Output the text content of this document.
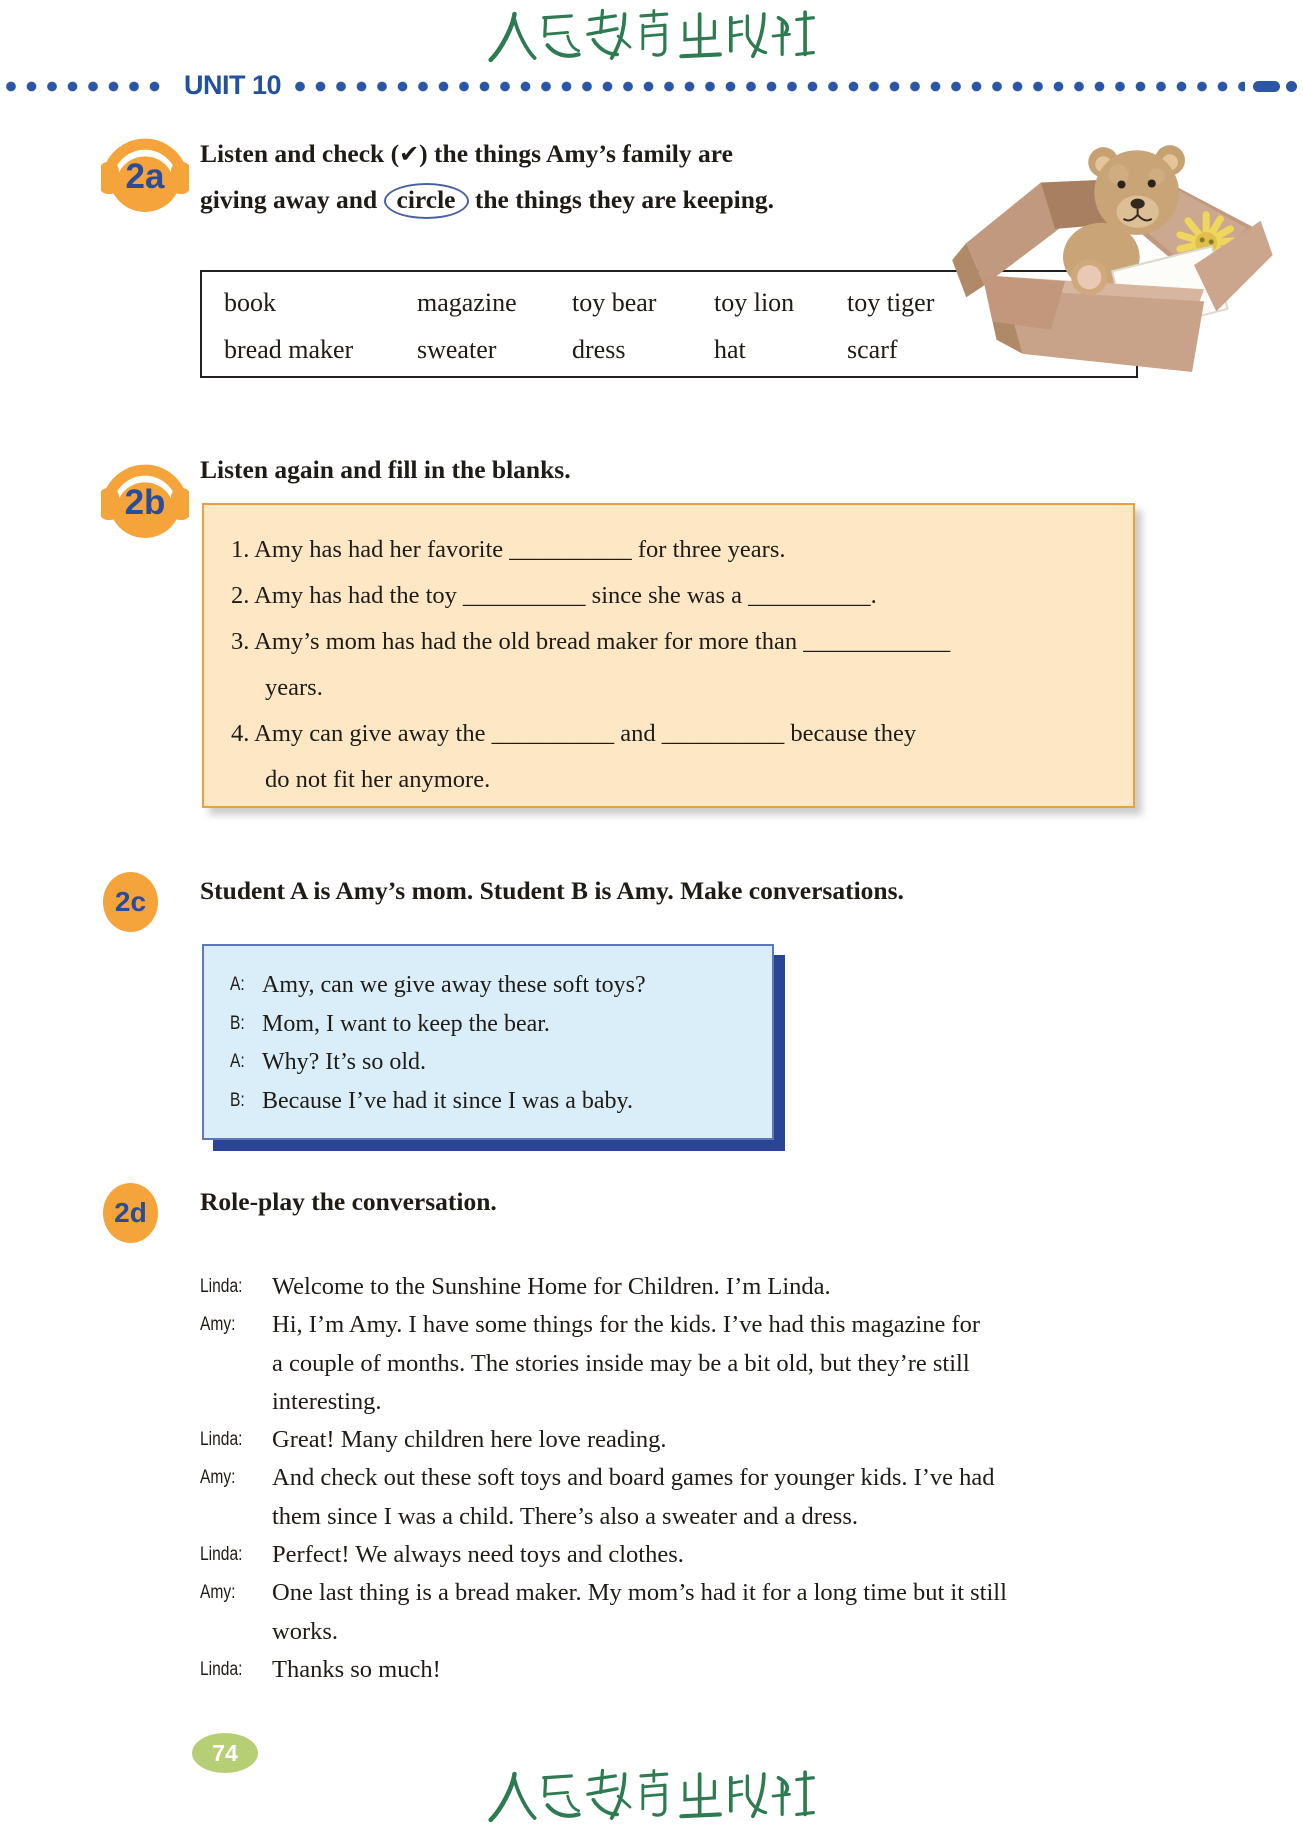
UNIT 10
2a
Listen and check (✔) the things Amy’s family are
giving away and circle the things they are keeping.
book	magazine	toy bear	toy lion	toy tiger
bread maker	sweater	dress	hat	scarf
2b
Listen again and fill in the blanks.
1. Amy has had her favorite __________ for three years.
2. Amy has had the toy __________ since she was a __________.
3. Amy’s mom has had the old bread maker for more than ____________
years.
4. Amy can give away the __________ and __________ because they
do not fit her anymore.
2c Student A is Amy’s mom. Student B is Amy. Make conversations.
A: Amy, can we give away these soft toys?
B: Mom, I want to keep the bear.
A: Why? It’s so old.
B: Because I’ve had it since I was a baby.
2d Role-play the conversation.
Linda:	Welcome to the Sunshine Home for Children. I’m Linda.
Amy:	Hi, I’m Amy. I have some things for the kids. I’ve had this magazine for
a couple of months. The stories inside may be a bit old, but they’re still
interesting.
Linda:	Great! Many children here love reading.
Amy:	And check out these soft toys and board games for younger kids. I’ve had
them since I was a child. There’s also a sweater and a dress.
Linda:	Perfect! We always need toys and clothes.
Amy:	One last thing is a bread maker. My mom’s had it for a long time but it still
works.
Linda:	Thanks so much!
74
